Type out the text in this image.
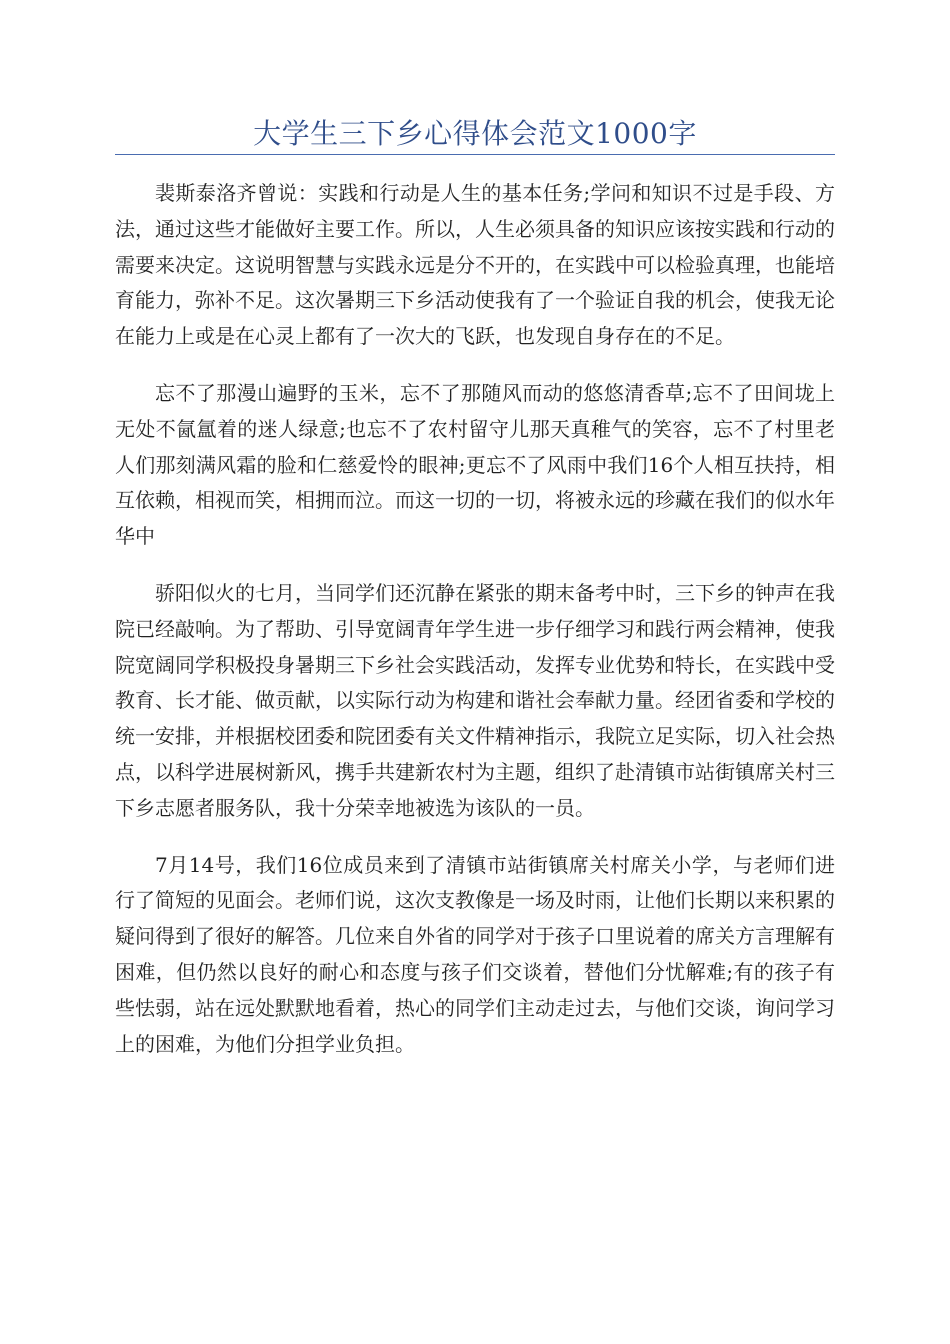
大学生三下乡心得体会范文1000字

裴斯泰洛齐曾说：实践和行动是人生的基本任务;学问和知识不过是手段、方法，通过这些才能做好主要工作。所以，人生必须具备的知识应该按实践和行动的需要来决定。这说明智慧与实践永远是分不开的，在实践中可以检验真理，也能培育能力，弥补不足。这次暑期三下乡活动使我有了一个验证自我的机会，使我无论在能力上或是在心灵上都有了一次大的飞跃，也发现自身存在的不足。

忘不了那漫山遍野的玉米，忘不了那随风而动的悠悠清香草;忘不了田间垅上无处不氤氲着的迷人绿意;也忘不了农村留守儿那天真稚气的笑容，忘不了村里老人们那刻满风霜的脸和仁慈爱怜的眼神;更忘不了风雨中我们16个人相互扶持，相互依赖，相视而笑，相拥而泣。而这一切的一切，将被永远的珍藏在我们的似水年华中

骄阳似火的七月，当同学们还沉静在紧张的期末备考中时，三下乡的钟声在我院已经敲响。为了帮助、引导宽阔青年学生进一步仔细学习和践行两会精神，使我院宽阔同学积极投身暑期三下乡社会实践活动，发挥专业优势和特长，在实践中受教育、长才能、做贡献，以实际行动为构建和谐社会奉献力量。经团省委和学校的统一安排，并根据校团委和院团委有关文件精神指示，我院立足实际，切入社会热点，以科学进展树新风，携手共建新农村为主题，组织了赴清镇市站街镇席关村三下乡志愿者服务队，我十分荣幸地被选为该队的一员。

7月14号，我们16位成员来到了清镇市站街镇席关村席关小学，与老师们进行了简短的见面会。老师们说，这次支教像是一场及时雨，让他们长期以来积累的疑问得到了很好的解答。几位来自外省的同学对于孩子口里说着的席关方言理解有困难，但仍然以良好的耐心和态度与孩子们交谈着，替他们分忧解难;有的孩子有些怯弱，站在远处默默地看着，热心的同学们主动走过去，与他们交谈，询问学习上的困难，为他们分担学业负担。
